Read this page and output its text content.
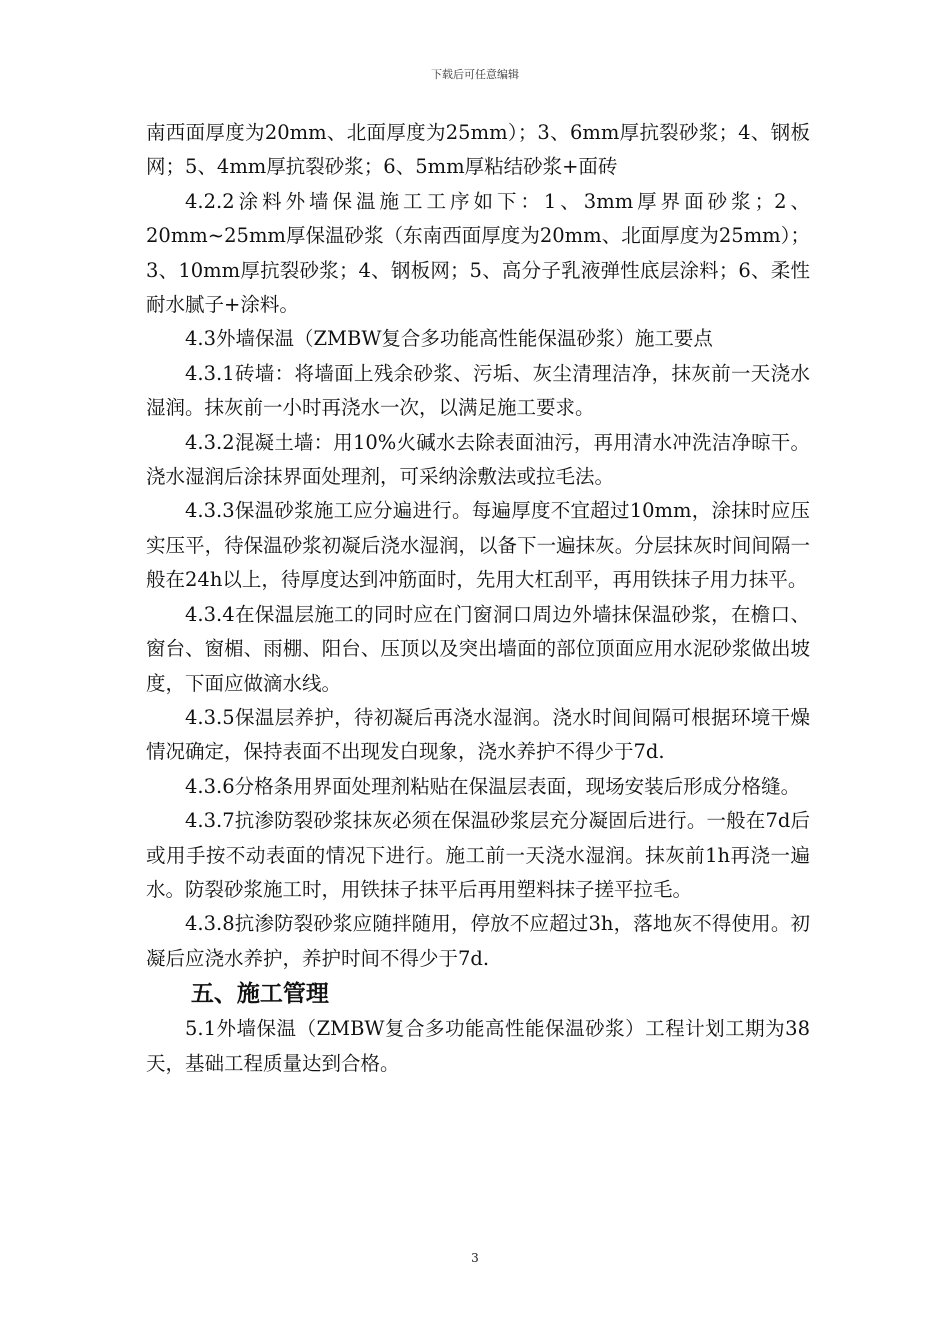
下载后可任意编辑

南西面厚度为20mm、北面厚度为25mm）；3、6mm厚抗裂砂浆；4、钢板网；5、4mm厚抗裂砂浆；6、5mm厚粘结砂浆+面砖

4.2.2涂料外墙保温施工工序如下：1、3mm厚界面砂浆；2、20mm~25mm厚保温砂浆（东南西面厚度为20mm、北面厚度为25mm）；3、10mm厚抗裂砂浆；4、钢板网；5、高分子乳液弹性底层涂料；6、柔性耐水腻子+涂料。

4.3外墙保温（ZMBW复合多功能高性能保温砂浆）施工要点

4.3.1砖墙：将墙面上残余砂浆、污垢、灰尘清理洁净，抹灰前一天浇水湿润。抹灰前一小时再浇水一次，以满足施工要求。

4.3.2混凝土墙：用10%火碱水去除表面油污，再用清水冲洗洁净晾干。浇水湿润后涂抹界面处理剂，可采纳涂敷法或拉毛法。

4.3.3保温砂浆施工应分遍进行。每遍厚度不宜超过10mm，涂抹时应压实压平，待保温砂浆初凝后浇水湿润，以备下一遍抹灰。分层抹灰时间间隔一般在24h以上，待厚度达到冲筋面时，先用大杠刮平，再用铁抹子用力抹平。

4.3.4在保温层施工的同时应在门窗洞口周边外墙抹保温砂浆，在檐口、窗台、窗楣、雨棚、阳台、压顶以及突出墙面的部位顶面应用水泥砂浆做出坡度，下面应做滴水线。

4.3.5保温层养护，待初凝后再浇水湿润。浇水时间间隔可根据环境干燥情况确定，保持表面不出现发白现象，浇水养护不得少于7d.

4.3.6分格条用界面处理剂粘贴在保温层表面，现场安装后形成分格缝。

4.3.7抗渗防裂砂浆抹灰必须在保温砂浆层充分凝固后进行。一般在7d后或用手按不动表面的情况下进行。施工前一天浇水湿润。抹灰前1h再浇一遍水。防裂砂浆施工时，用铁抹子抹平后再用塑料抹子搓平拉毛。

4.3.8抗渗防裂砂浆应随拌随用，停放不应超过3h，落地灰不得使用。初凝后应浇水养护，养护时间不得少于7d.

五、施工管理

5.1外墙保温（ZMBW复合多功能高性能保温砂浆）工程计划工期为38天，基础工程质量达到合格。

3
